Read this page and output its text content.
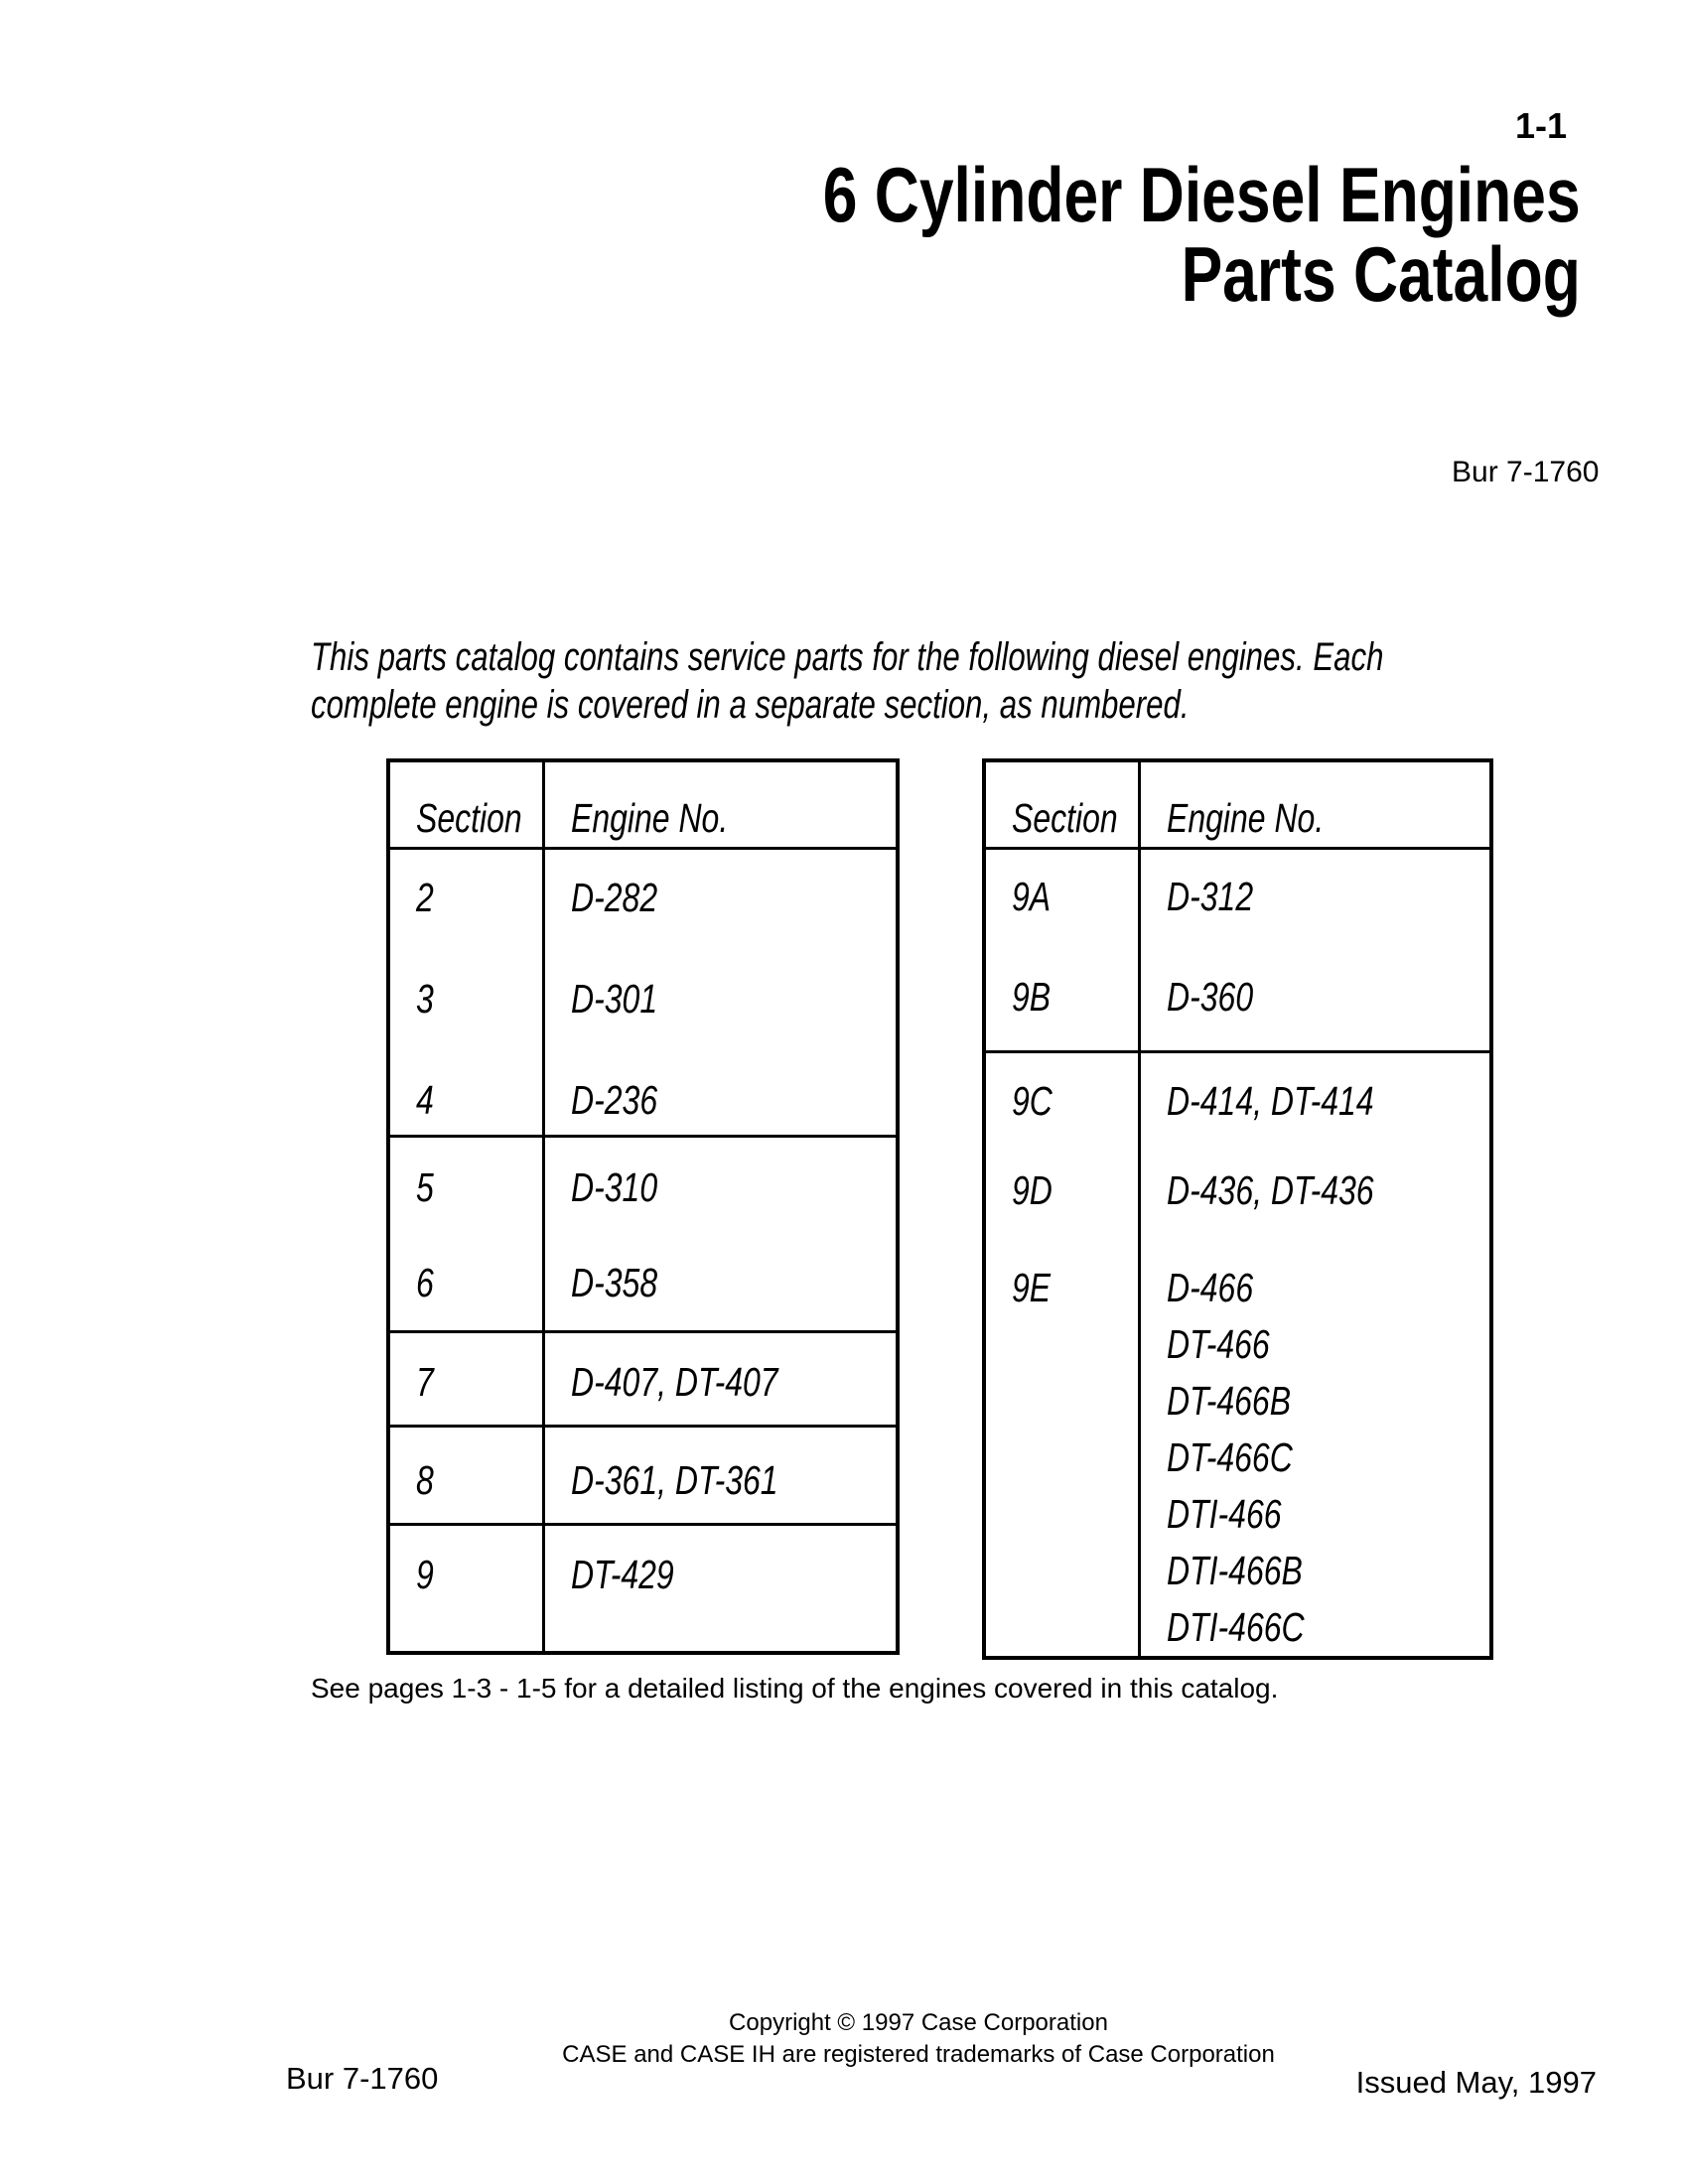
1-1
6 Cylinder Diesel Engines
Parts Catalog
Bur 7-1760
This parts catalog contains service parts for the following diesel engines. Each
complete engine is covered in a separate section, as numbered.
Section	Engine No.
2	D-282
3	D-301
4	D-236
5	D-310
6	D-358
7	D-407, DT-407
8	D-361, DT-361
9	DT-429
Section	Engine No.
9A	D-312
9B	D-360
9C	D-414, DT-414
9D	D-436, DT-436
9E	D-466
DT-466
DT-466B
DT-466C
DTI-466
DTI-466B
DTI-466C
See pages 1-3 - 1-5 for a detailed listing of the engines covered in this catalog.
Copyright © 1997 Case Corporation
CASE and CASE IH are registered trademarks of Case Corporation
Bur 7-1760	Issued May, 1997
